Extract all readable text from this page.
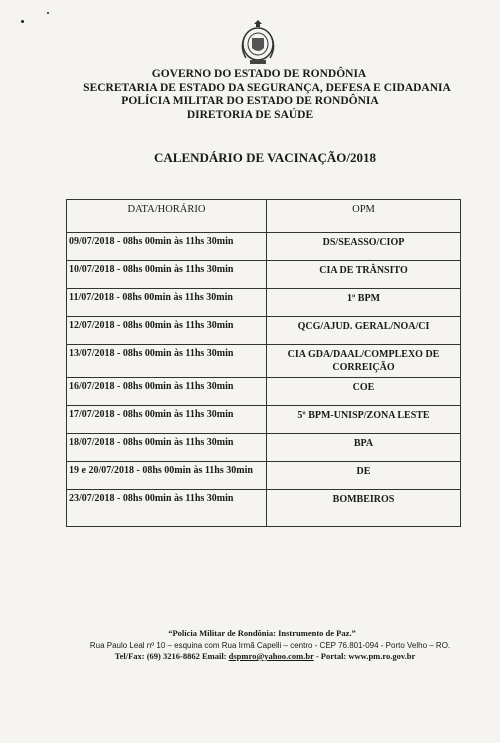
GOVERNO DO ESTADO DE RONDÔNIA
SECRETARIA DE ESTADO DA SEGURANÇA, DEFESA E CIDADANIA
POLÍCIA MILITAR DO ESTADO DE RONDÔNIA
DIRETORIA DE SAÚDE
CALENDÁRIO DE VACINAÇÃO/2018
DATA/HORÁRIO	OPM
09/07/2018 - 08hs 00min às 11hs 30min	DS/SEASSO/CIOP
10/07/2018 - 08hs 00min às 11hs 30min	CIA DE TRÂNSITO
11/07/2018 - 08hs 00min às 11hs 30min	1º BPM
12/07/2018 - 08hs 00min às 11hs 30min	QCG/AJUD. GERAL/NOA/CI
13/07/2018 - 08hs 00min às 11hs 30min	CIA GDA/DAAL/COMPLEXO DE CORREIÇÃO
16/07/2018 - 08hs 00min às 11hs 30min	COE
17/07/2018 - 08hs 00min às 11hs 30min	5º BPM-UNISP/ZONA LESTE
18/07/2018 - 08hs 00min às 11hs 30min	BPA
19 e 20/07/2018 - 08hs 00min às 11hs 30min	DE
23/07/2018 - 08hs 00min às 11hs 30min	BOMBEIROS
“Polícia Militar de Rondônia: Instrumento de Paz.”
Rua Paulo Leal nº 10 – esquina com Rua Irmã Capelli – centro - CEP 76.801-094 - Porto Velho – RO.
Tel/Fax: (69) 3216-8862 Email: dspmro@yahoo.com.br - Portal: www.pm.ro.gov.br
